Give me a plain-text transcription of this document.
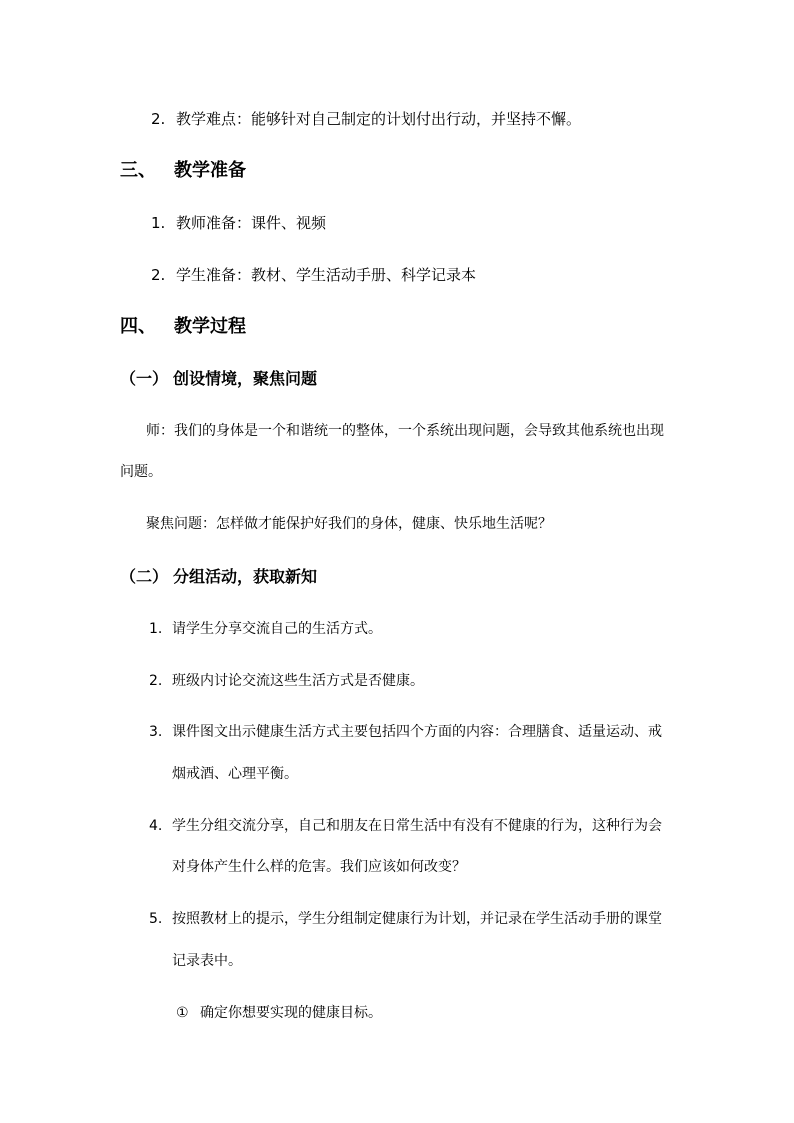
2. 教学难点：能够针对自己制定的计划付出行动，并坚持不懈。
三、 教学准备
1. 教师准备：课件、视频
2. 学生准备：教材、学生活动手册、科学记录本
四、 教学过程
（一） 创设情境，聚焦问题
师：我们的身体是一个和谐统一的整体，一个系统出现问题，会导致其他系统也出现
问题。
聚焦问题：怎样做才能保护好我们的身体，健康、快乐地生活呢？
（二） 分组活动，获取新知
1. 请学生分享交流自己的生活方式。
2. 班级内讨论交流这些生活方式是否健康。
3. 课件图文出示健康生活方式主要包括四个方面的内容：合理膳食、适量运动、戒
烟戒酒、心理平衡。
4. 学生分组交流分享，自己和朋友在日常生活中有没有不健康的行为，这种行为会
对身体产生什么样的危害。我们应该如何改变？
5. 按照教材上的提示，学生分组制定健康行为计划，并记录在学生活动手册的课堂
记录表中。
① 确定你想要实现的健康目标。
